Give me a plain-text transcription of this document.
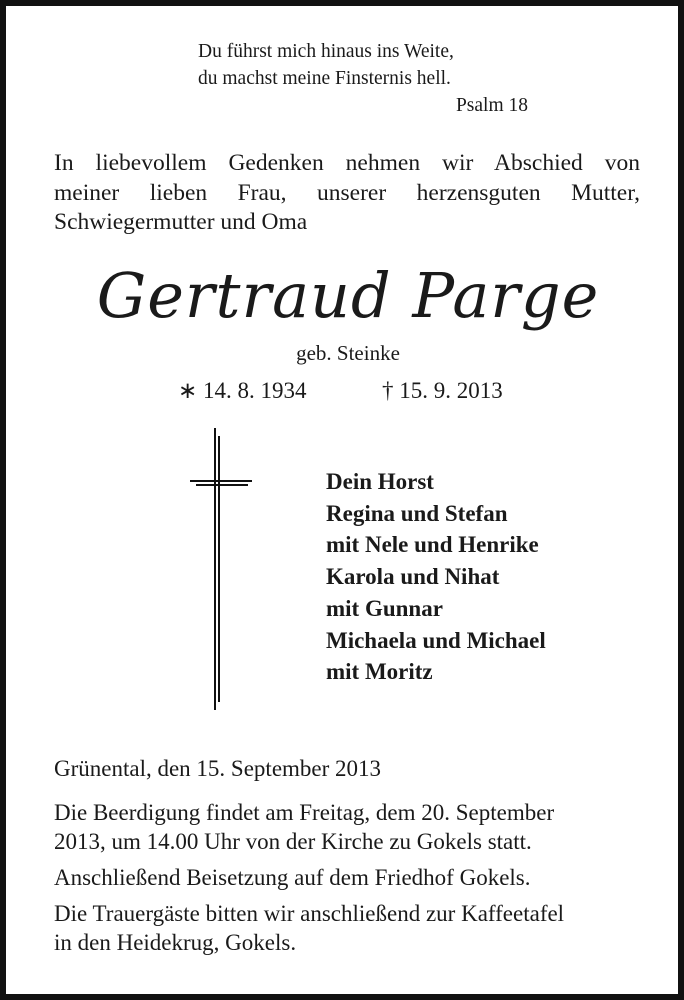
Du führst mich hinaus ins Weite,
du machst meine Finsternis hell.
Psalm 18
In liebevollem Gedenken nehmen wir Abschied von
meiner lieben Frau, unserer herzensguten Mutter,
Schwiegermutter und Oma
Gertraud Parge
geb. Steinke
∗ 14. 8. 1934	† 15. 9. 2013
Dein Horst
Regina und Stefan
mit Nele und Henrike
Karola und Nihat
mit Gunnar
Michaela und Michael
mit Moritz
Grünental, den 15. September 2013

Die Beerdigung findet am Freitag, dem 20. September
2013, um 14.00 Uhr von der Kirche zu Gokels statt.

Anschließend Beisetzung auf dem Friedhof Gokels.

Die Trauergäste bitten wir anschließend zur Kaffeetafel
in den Heidekrug, Gokels.
